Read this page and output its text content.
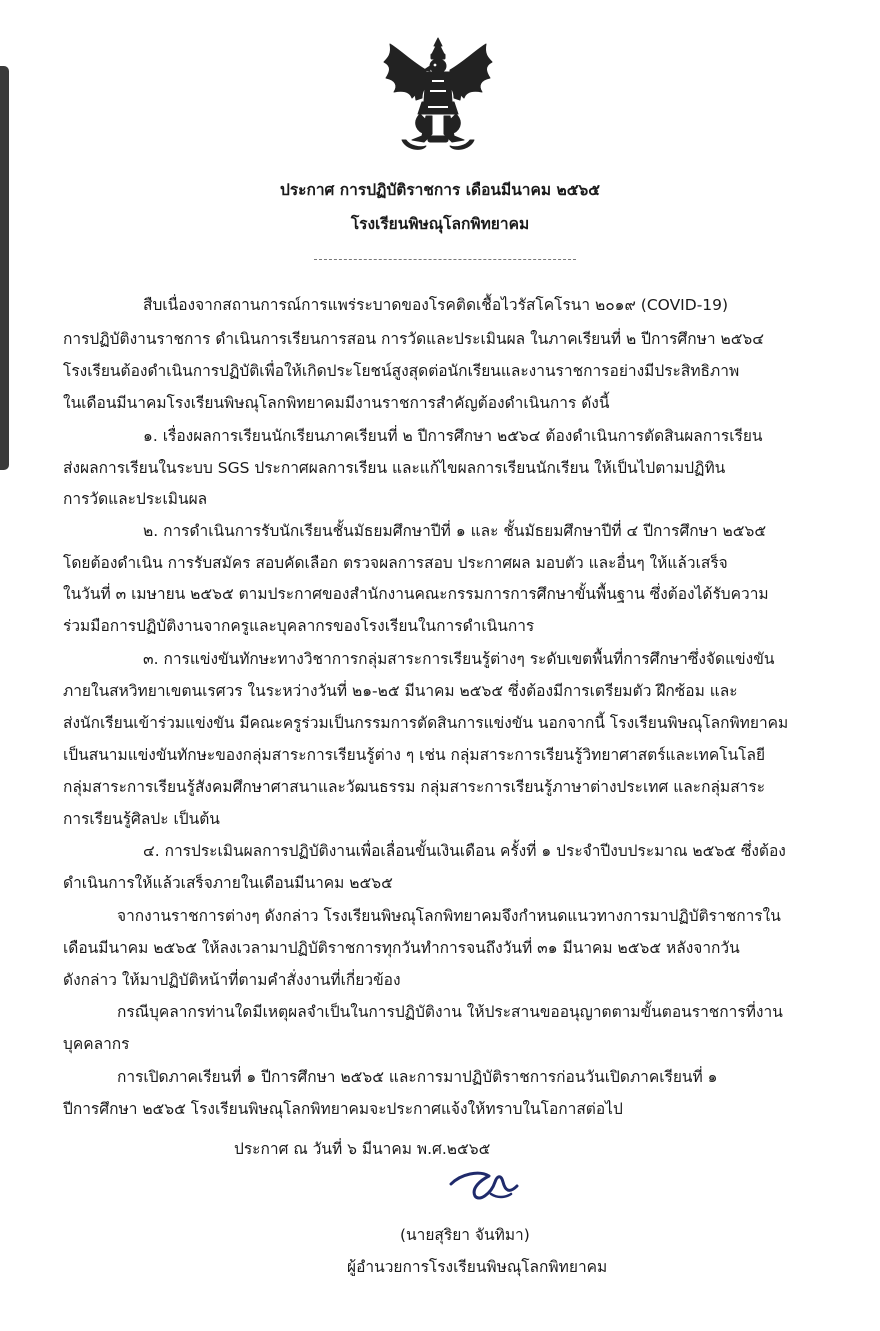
ประกาศ การปฏิบัติราชการ เดือนมีนาคม ๒๕๖๕
โรงเรียนพิษณุโลกพิทยาคม
สืบเนื่องจากสถานการณ์การแพร่ระบาดของโรคติดเชื้อไวรัสโคโรนา ๒๐๑๙ (COVID-19)
การปฏิบัติงานราชการ ดำเนินการเรียนการสอน การวัดและประเมินผล ในภาคเรียนที่ ๒ ปีการศึกษา ๒๕๖๔
โรงเรียนต้องดำเนินการปฏิบัติเพื่อให้เกิดประโยชน์สูงสุดต่อนักเรียนและงานราชการอย่างมีประสิทธิภาพ
ในเดือนมีนาคมโรงเรียนพิษณุโลกพิทยาคมมีงานราชการสำคัญต้องดำเนินการ ดังนี้
๑. เรื่องผลการเรียนนักเรียนภาคเรียนที่ ๒ ปีการศึกษา ๒๕๖๔ ต้องดำเนินการตัดสินผลการเรียน
ส่งผลการเรียนในระบบ SGS ประกาศผลการเรียน และแก้ไขผลการเรียนนักเรียน ให้เป็นไปตามปฏิทิน
การวัดและประเมินผล
๒. การดำเนินการรับนักเรียนชั้นมัธยมศึกษาปีที่ ๑ และ ชั้นมัธยมศึกษาปีที่ ๔ ปีการศึกษา ๒๕๖๕
โดยต้องดำเนิน การรับสมัคร สอบคัดเลือก ตรวจผลการสอบ ประกาศผล มอบตัว และอื่นๆ ให้แล้วเสร็จ
ในวันที่ ๓ เมษายน ๒๕๖๕ ตามประกาศของสำนักงานคณะกรรมการการศึกษาขั้นพื้นฐาน ซึ่งต้องได้รับความ
ร่วมมือการปฏิบัติงานจากครูและบุคลากรของโรงเรียนในการดำเนินการ
๓. การแข่งขันทักษะทางวิชาการกลุ่มสาระการเรียนรู้ต่างๆ ระดับเขตพื้นที่การศึกษาซึ่งจัดแข่งขัน
ภายในสหวิทยาเขตนเรศวร ในระหว่างวันที่ ๒๑-๒๕ มีนาคม ๒๕๖๕ ซึ่งต้องมีการเตรียมตัว ฝึกซ้อม และ
ส่งนักเรียนเข้าร่วมแข่งขัน มีคณะครูร่วมเป็นกรรมการตัดสินการแข่งขัน นอกจากนี้ โรงเรียนพิษณุโลกพิทยาคม
เป็นสนามแข่งขันทักษะของกลุ่มสาระการเรียนรู้ต่าง ๆ เช่น กลุ่มสาระการเรียนรู้วิทยาศาสตร์และเทคโนโลยี
กลุ่มสาระการเรียนรู้สังคมศึกษาศาสนาและวัฒนธรรม กลุ่มสาระการเรียนรู้ภาษาต่างประเทศ และกลุ่มสาระ
การเรียนรู้ศิลปะ เป็นต้น
๔. การประเมินผลการปฏิบัติงานเพื่อเลื่อนขั้นเงินเดือน ครั้งที่ ๑ ประจำปีงบประมาณ ๒๕๖๕ ซึ่งต้อง
ดำเนินการให้แล้วเสร็จภายในเดือนมีนาคม ๒๕๖๕
จากงานราชการต่างๆ ดังกล่าว โรงเรียนพิษณุโลกพิทยาคมจึงกำหนดแนวทางการมาปฏิบัติราชการใน
เดือนมีนาคม ๒๕๖๕ ให้ลงเวลามาปฏิบัติราชการทุกวันทำการจนถึงวันที่ ๓๑ มีนาคม ๒๕๖๕ หลังจากวัน
ดังกล่าว ให้มาปฏิบัติหน้าที่ตามคำสั่งงานที่เกี่ยวข้อง
กรณีบุคลากรท่านใดมีเหตุผลจำเป็นในการปฏิบัติงาน ให้ประสานขออนุญาตตามขั้นตอนราชการที่งาน
บุคคลากร
การเปิดภาคเรียนที่ ๑ ปีการศึกษา ๒๕๖๕ และการมาปฏิบัติราชการก่อนวันเปิดภาคเรียนที่ ๑
ปีการศึกษา ๒๕๖๕ โรงเรียนพิษณุโลกพิทยาคมจะประกาศแจ้งให้ทราบในโอกาสต่อไป
ประกาศ ณ วันที่ ๖ มีนาคม พ.ศ.๒๕๖๕
(นายสุริยา จันทิมา)
ผู้อำนวยการโรงเรียนพิษณุโลกพิทยาคม
